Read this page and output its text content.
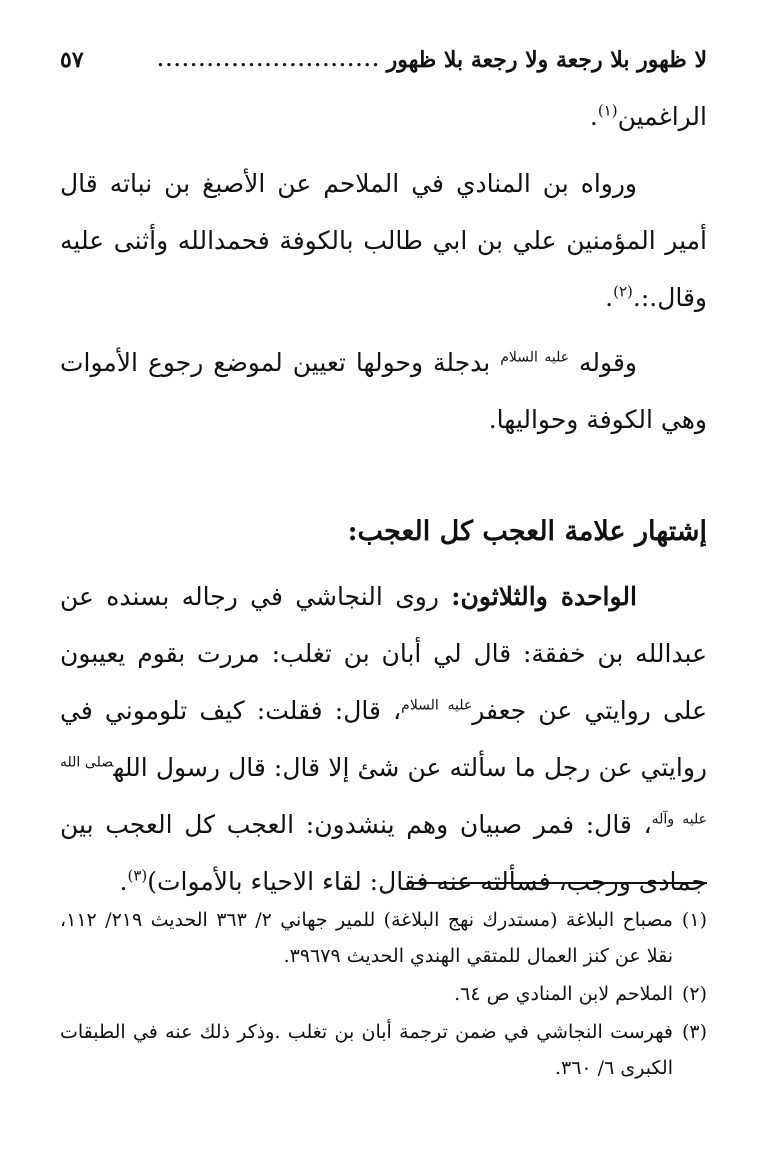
لا ظهور بلا رجعة ولا رجعة بلا ظهور
...........................
٥٧

الراغمين$^{(١)}$.

ورواه بن المنادي في الملاحم عن الأصبغ بن نباته قال أمير المؤمنين علي بن ابي طالب بالكوفة فحمدالله وأثنى عليه وقال.:.$^{(٢)}$.

وقوله $^{عليه السلام}$ بدجلة وحولها تعيين لموضع رجوع الأموات وهي الكوفة وحواليها.

إشتهار علامة العجب كل العجب:

الواحدة والثلاثون: روى النجاشي في رجاله بسنده عن عبدالله بن خفقة: قال لي أبان بن تغلب: مررت بقوم يعيبون على روايتي عن جعفر$^{عليه السلام}$، قال: فقلت: كيف تلوموني في روايتي عن رجل ما سألته عن شئ إلا قال: قال رسول الله$^{صلى الله عليه وآله}$، قال: فمر صبيان وهم ينشدون: العجب كل العجب بين جمادى ورجب، فسألته عنه فقال: لقاء الاحياء بالأموات)$^{(٣)}$.

(١)مصباح البلاغة (مستدرك نهج البلاغة) للمير جهاني ٢/ ٣٦٣ الحديث ٢١٩/ ١١٢، نقلا عن كنز العمال للمتقي الهندي الحديث ٣٩٦٧٩.

(٢)الملاحم لابن المنادي ص ٦٤.

(٣)فهرست النجاشي في ضمن ترجمة أبان بن تغلب .وذكر ذلك عنه في الطبقات الكبرى ٦/ ٣٦٠.
